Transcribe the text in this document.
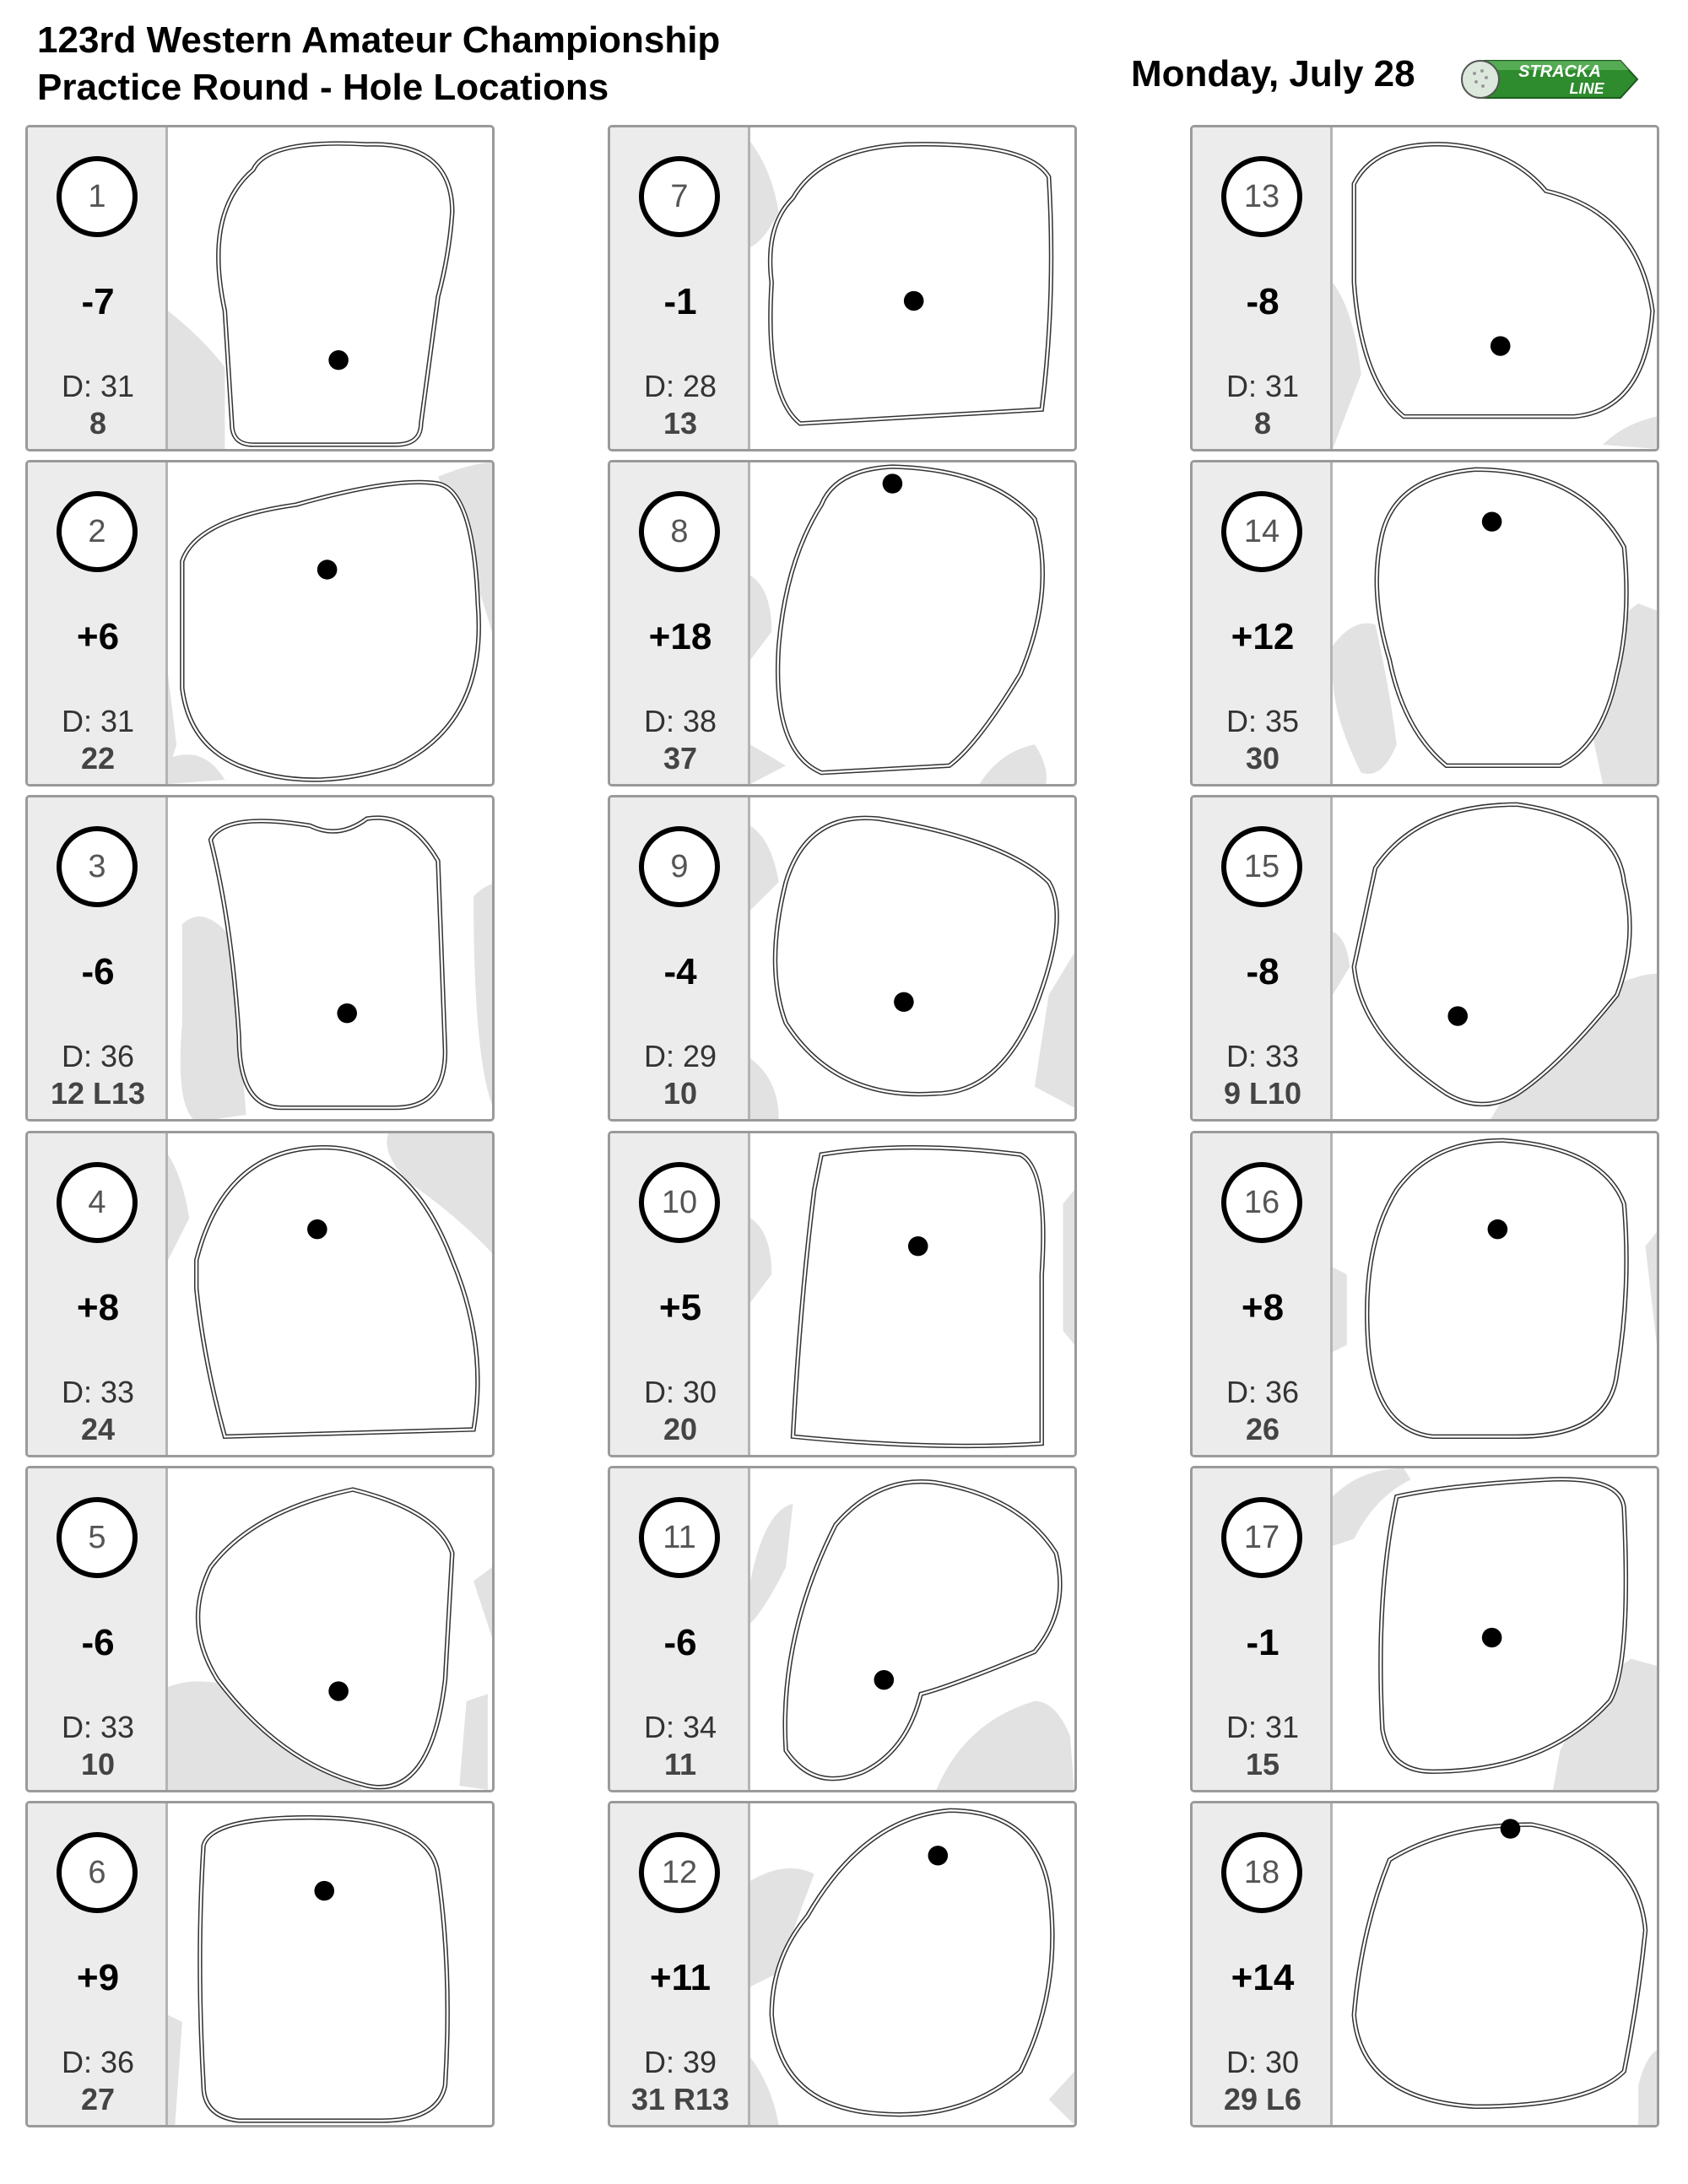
123rd Western Amateur Championship
Practice Round - Hole Locations	Monday, July 28	STRACKA
LINE
1
-7
D: 31
8
2
+6
D: 31
22
3
-6
D: 36
12 L13
4
+8
D: 33
24
5
-6
D: 33
10
6
+9
D: 36
27
7
-1
D: 28
13
8
+18
D: 38
37
9
-4
D: 29
10
10
+5
D: 30
20
11
-6
D: 34
11
12
+11
D: 39
31 R13
13
-8
D: 31
8
14
+12
D: 35
30
15
-8
D: 33
9 L10
16
+8
D: 36
26
17
-1
D: 31
15
18
+14
D: 30
29 L6
